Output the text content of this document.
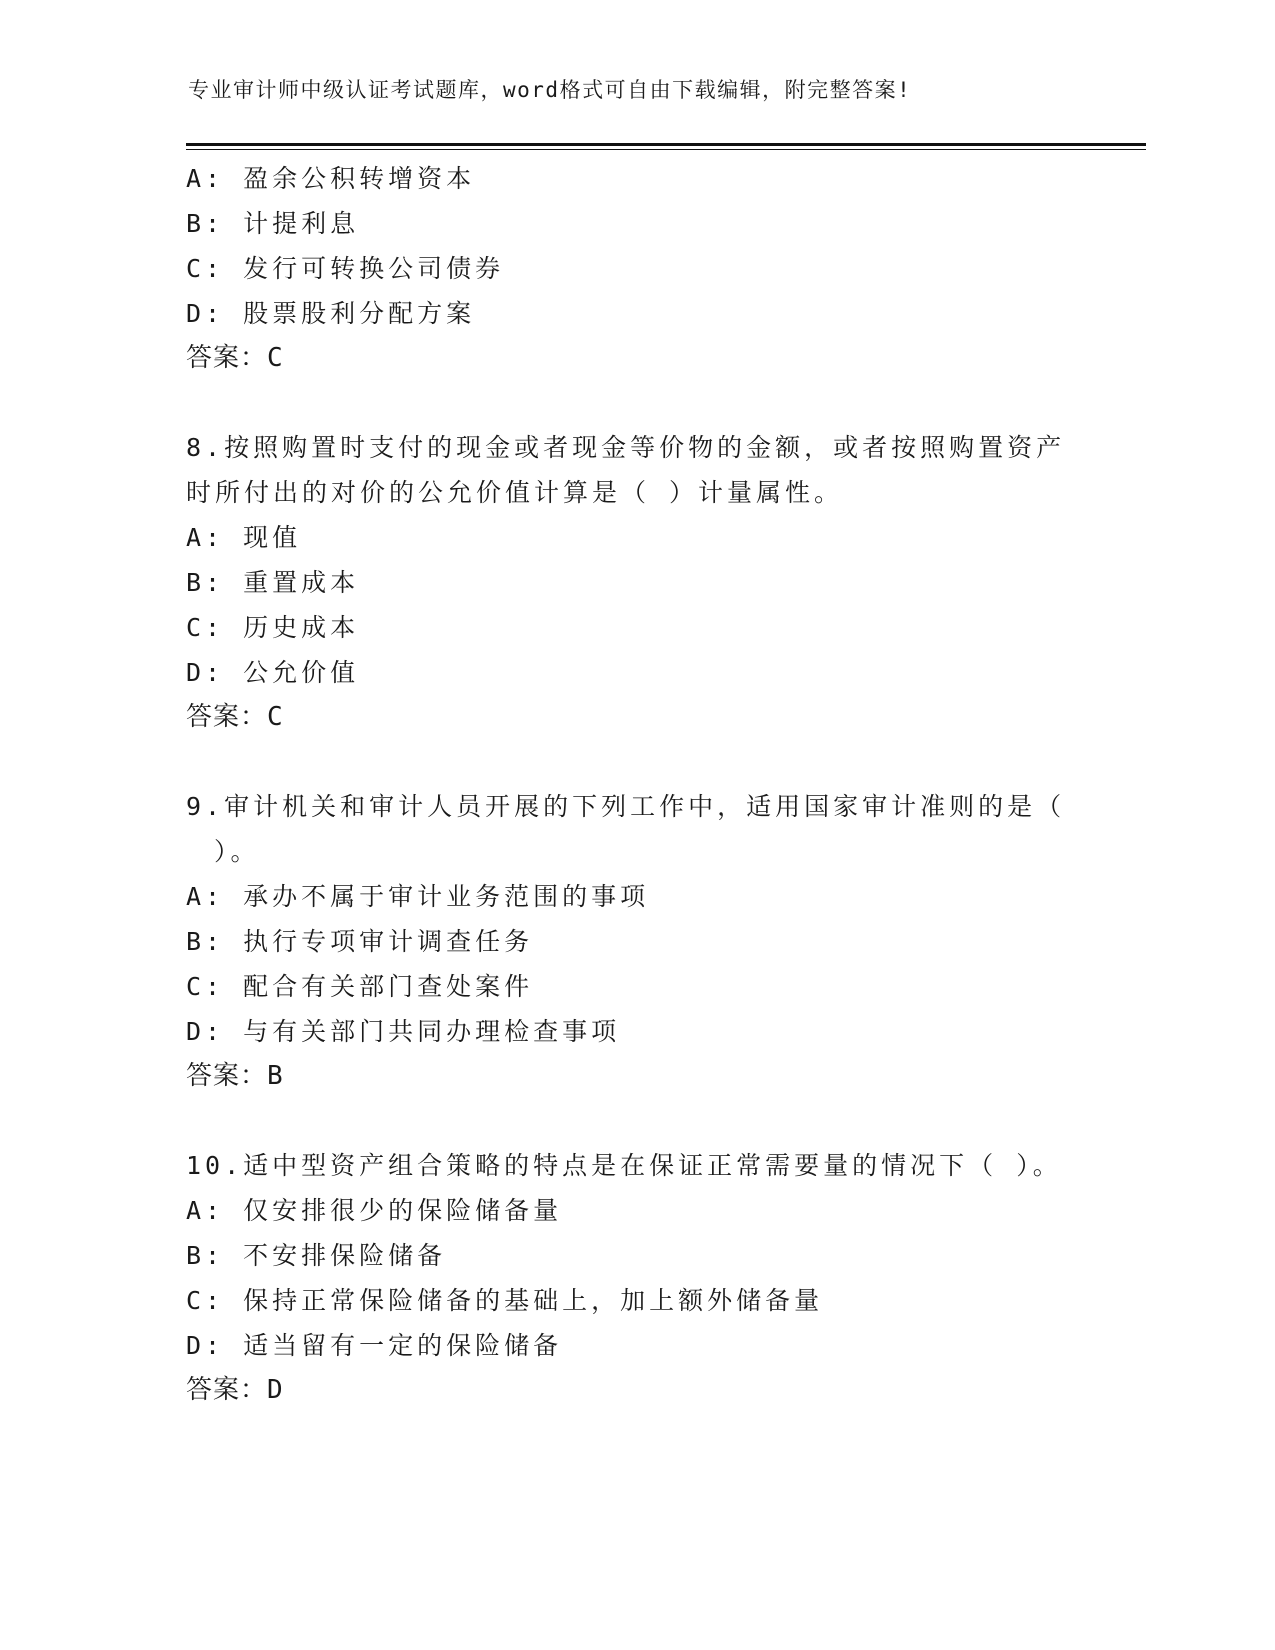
专业审计师中级认证考试题库，word格式可自由下载编辑，附完整答案!
A: 盈余公积转增资本
B: 计提利息
C: 发行可转换公司债券
D: 股票股利分配方案
答案：C
8.按照购置时支付的现金或者现金等价物的金额，或者按照购置资产
时所付出的对价的公允价值计算是（ ）计量属性。
A: 现值
B: 重置成本
C: 历史成本
D: 公允价值
答案：C
9.审计机关和审计人员开展的下列工作中，适用国家审计准则的是（
）。
A: 承办不属于审计业务范围的事项
B: 执行专项审计调查任务
C: 配合有关部门查处案件
D: 与有关部门共同办理检查事项
答案：B
10.适中型资产组合策略的特点是在保证正常需要量的情况下（ ）。
A: 仅安排很少的保险储备量
B: 不安排保险储备
C: 保持正常保险储备的基础上，加上额外储备量
D: 适当留有一定的保险储备
答案：D
